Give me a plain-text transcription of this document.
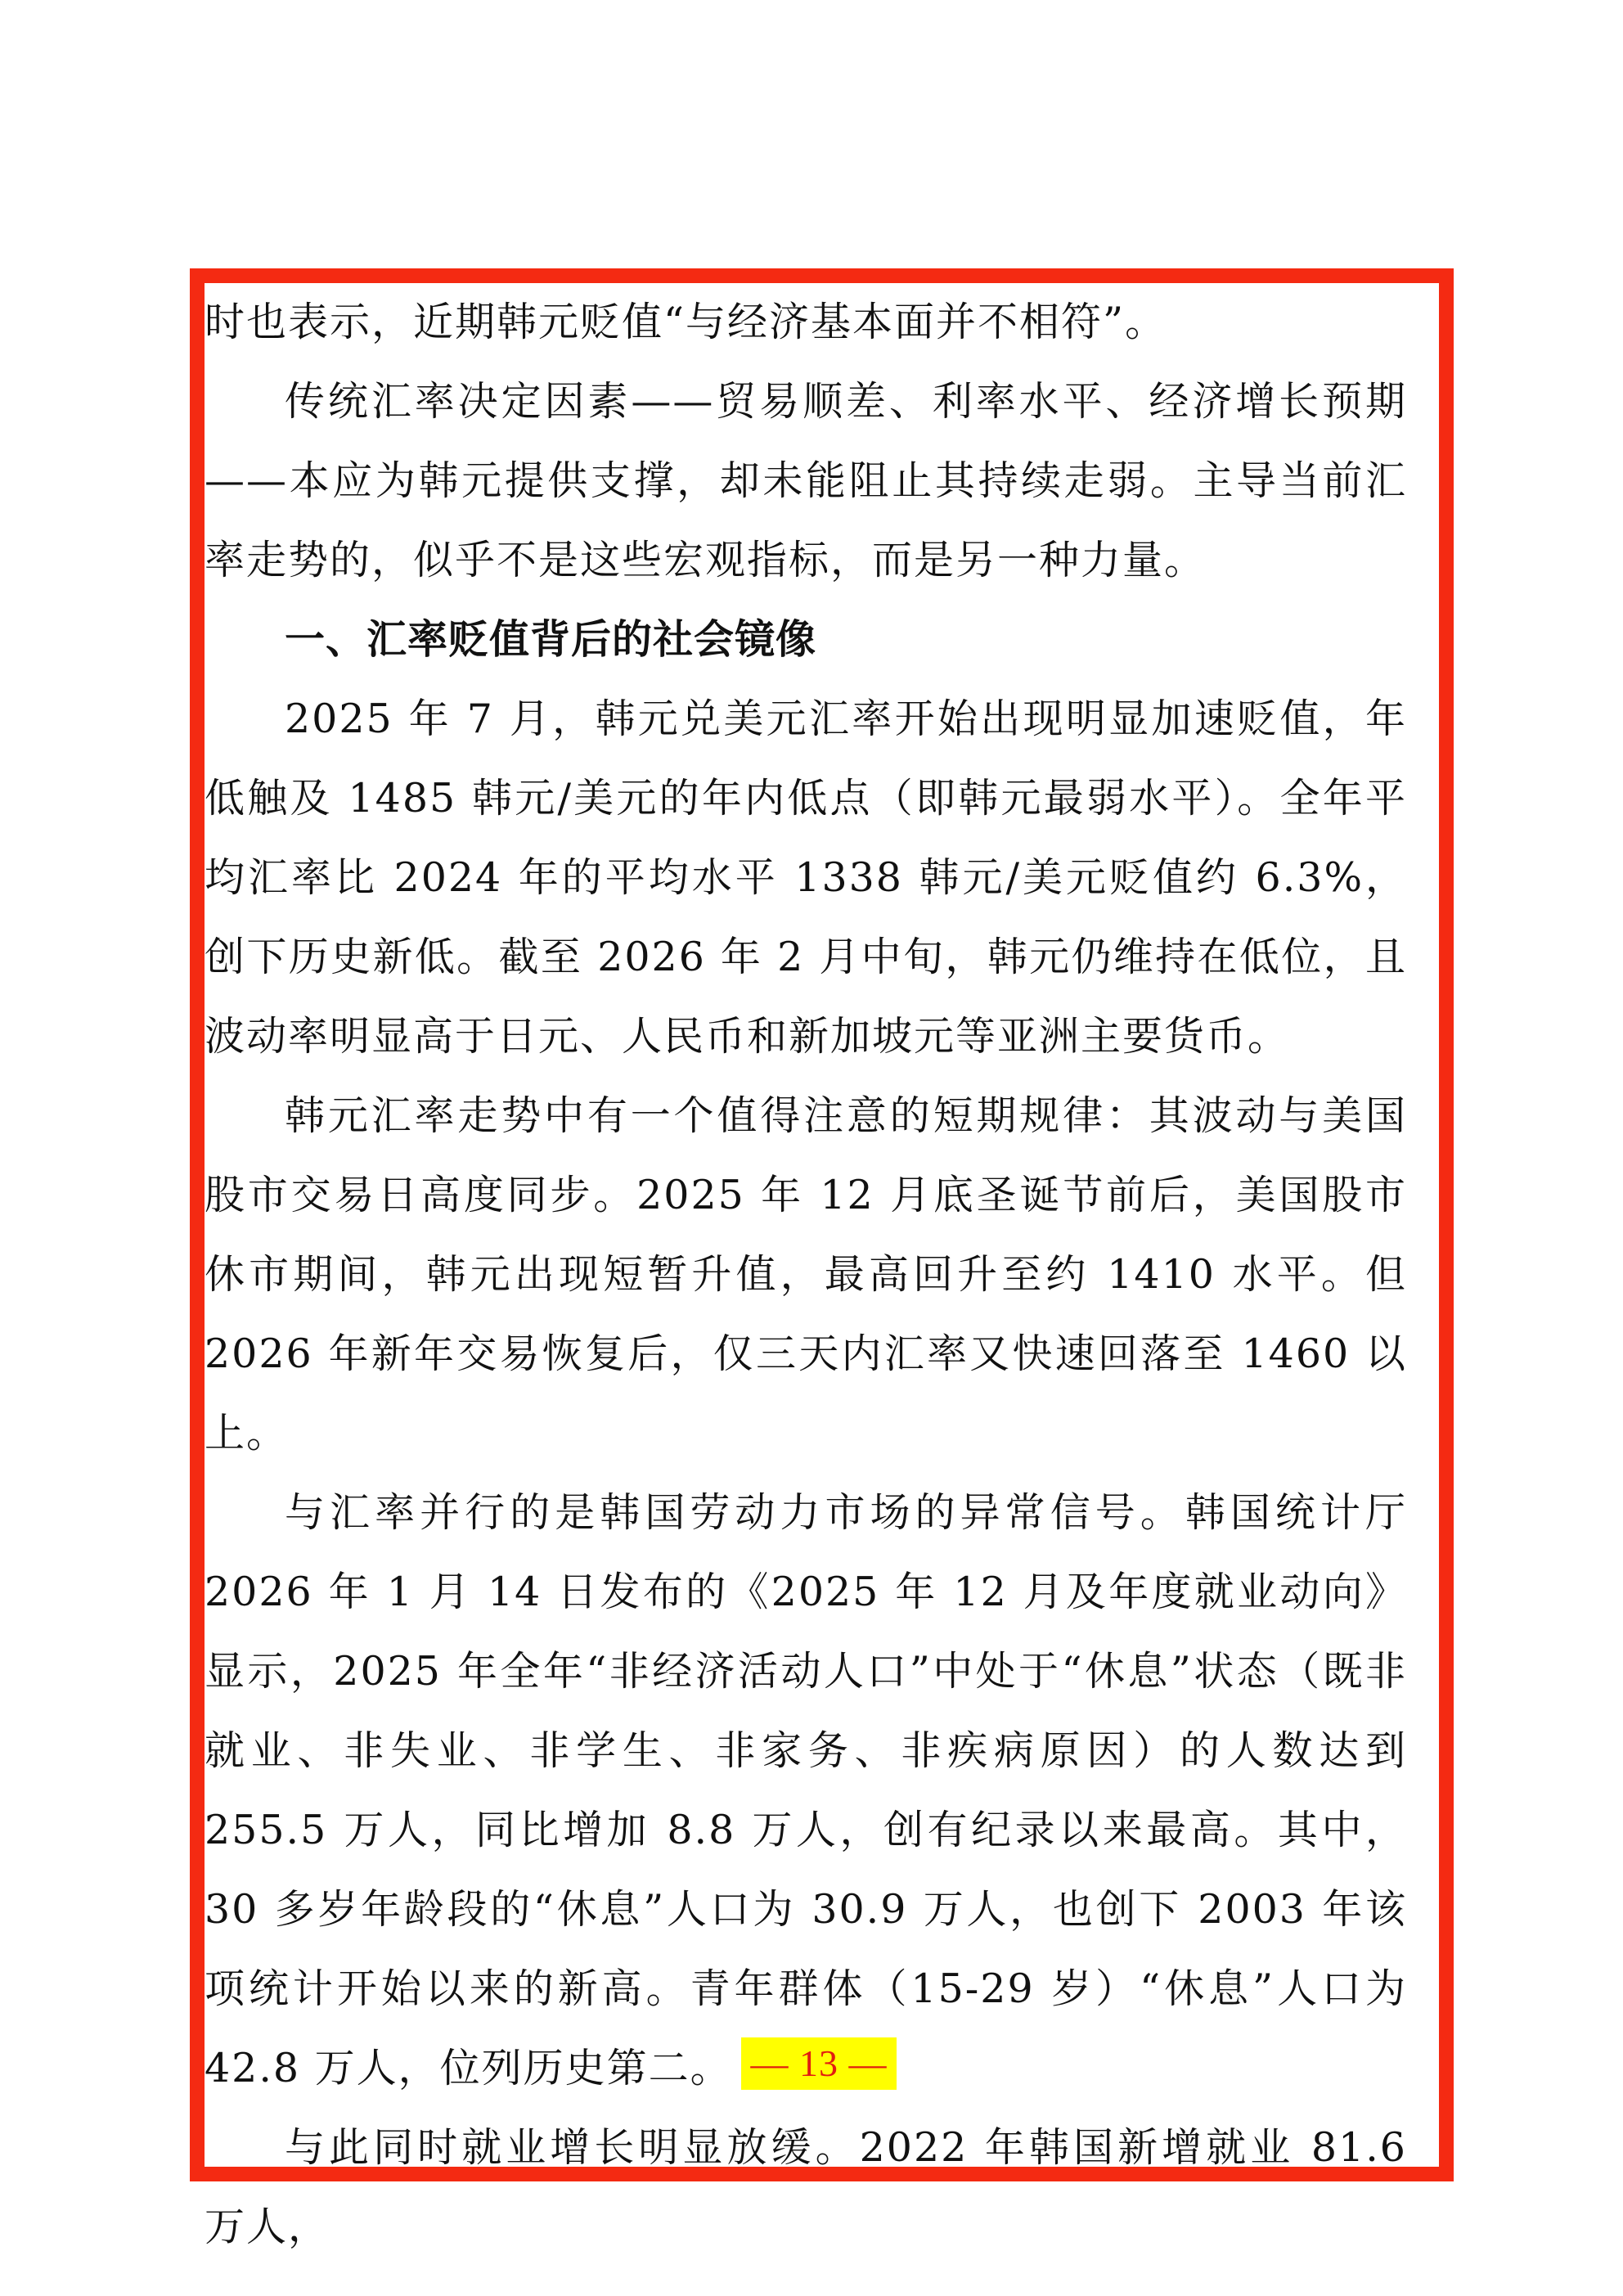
时也表示，近期韩元贬值“与经济基本面并不相符”。

传统汇率决定因素——贸易顺差、利率水平、经济增长预期——本应为韩元提供支撑，却未能阻止其持续走弱。主导当前汇率走势的，似乎不是这些宏观指标，而是另一种力量。

一、汇率贬值背后的社会镜像

2025 年 7 月，韩元兑美元汇率开始出现明显加速贬值，年低触及 1485 韩元/美元的年内低点（即韩元最弱水平）。全年平均汇率比 2024 年的平均水平 1338 韩元/美元贬值约 6.3%，创下历史新低。截至 2026 年 2 月中旬，韩元仍维持在低位，且波动率明显高于日元、人民币和新加坡元等亚洲主要货币。

韩元汇率走势中有一个值得注意的短期规律：其波动与美国股市交易日高度同步。2025 年 12 月底圣诞节前后，美国股市休市期间，韩元出现短暂升值，最高回升至约 1410 水平。但 2026 年新年交易恢复后，仅三天内汇率又快速回落至 1460 以上。

与汇率并行的是韩国劳动力市场的异常信号。韩国统计厅 2026 年 1 月 14 日发布的《2025 年 12 月及年度就业动向》显示，2025 年全年“非经济活动人口”中处于“休息”状态（既非就业、非失业、非学生、非家务、非疾病原因）的人数达到 255.5 万人，同比增加 8.8 万人，创有纪录以来最高。其中，30 多岁年龄段的“休息”人口为 30.9 万人，也创下 2003 年该项统计开始以来的新高。青年群体（15-29 岁）“休息”人口为 42.8 万人，位列历史第二。

与此同时就业增长明显放缓。2022 年韩国新增就业 81.6 万人，

— 13 —
